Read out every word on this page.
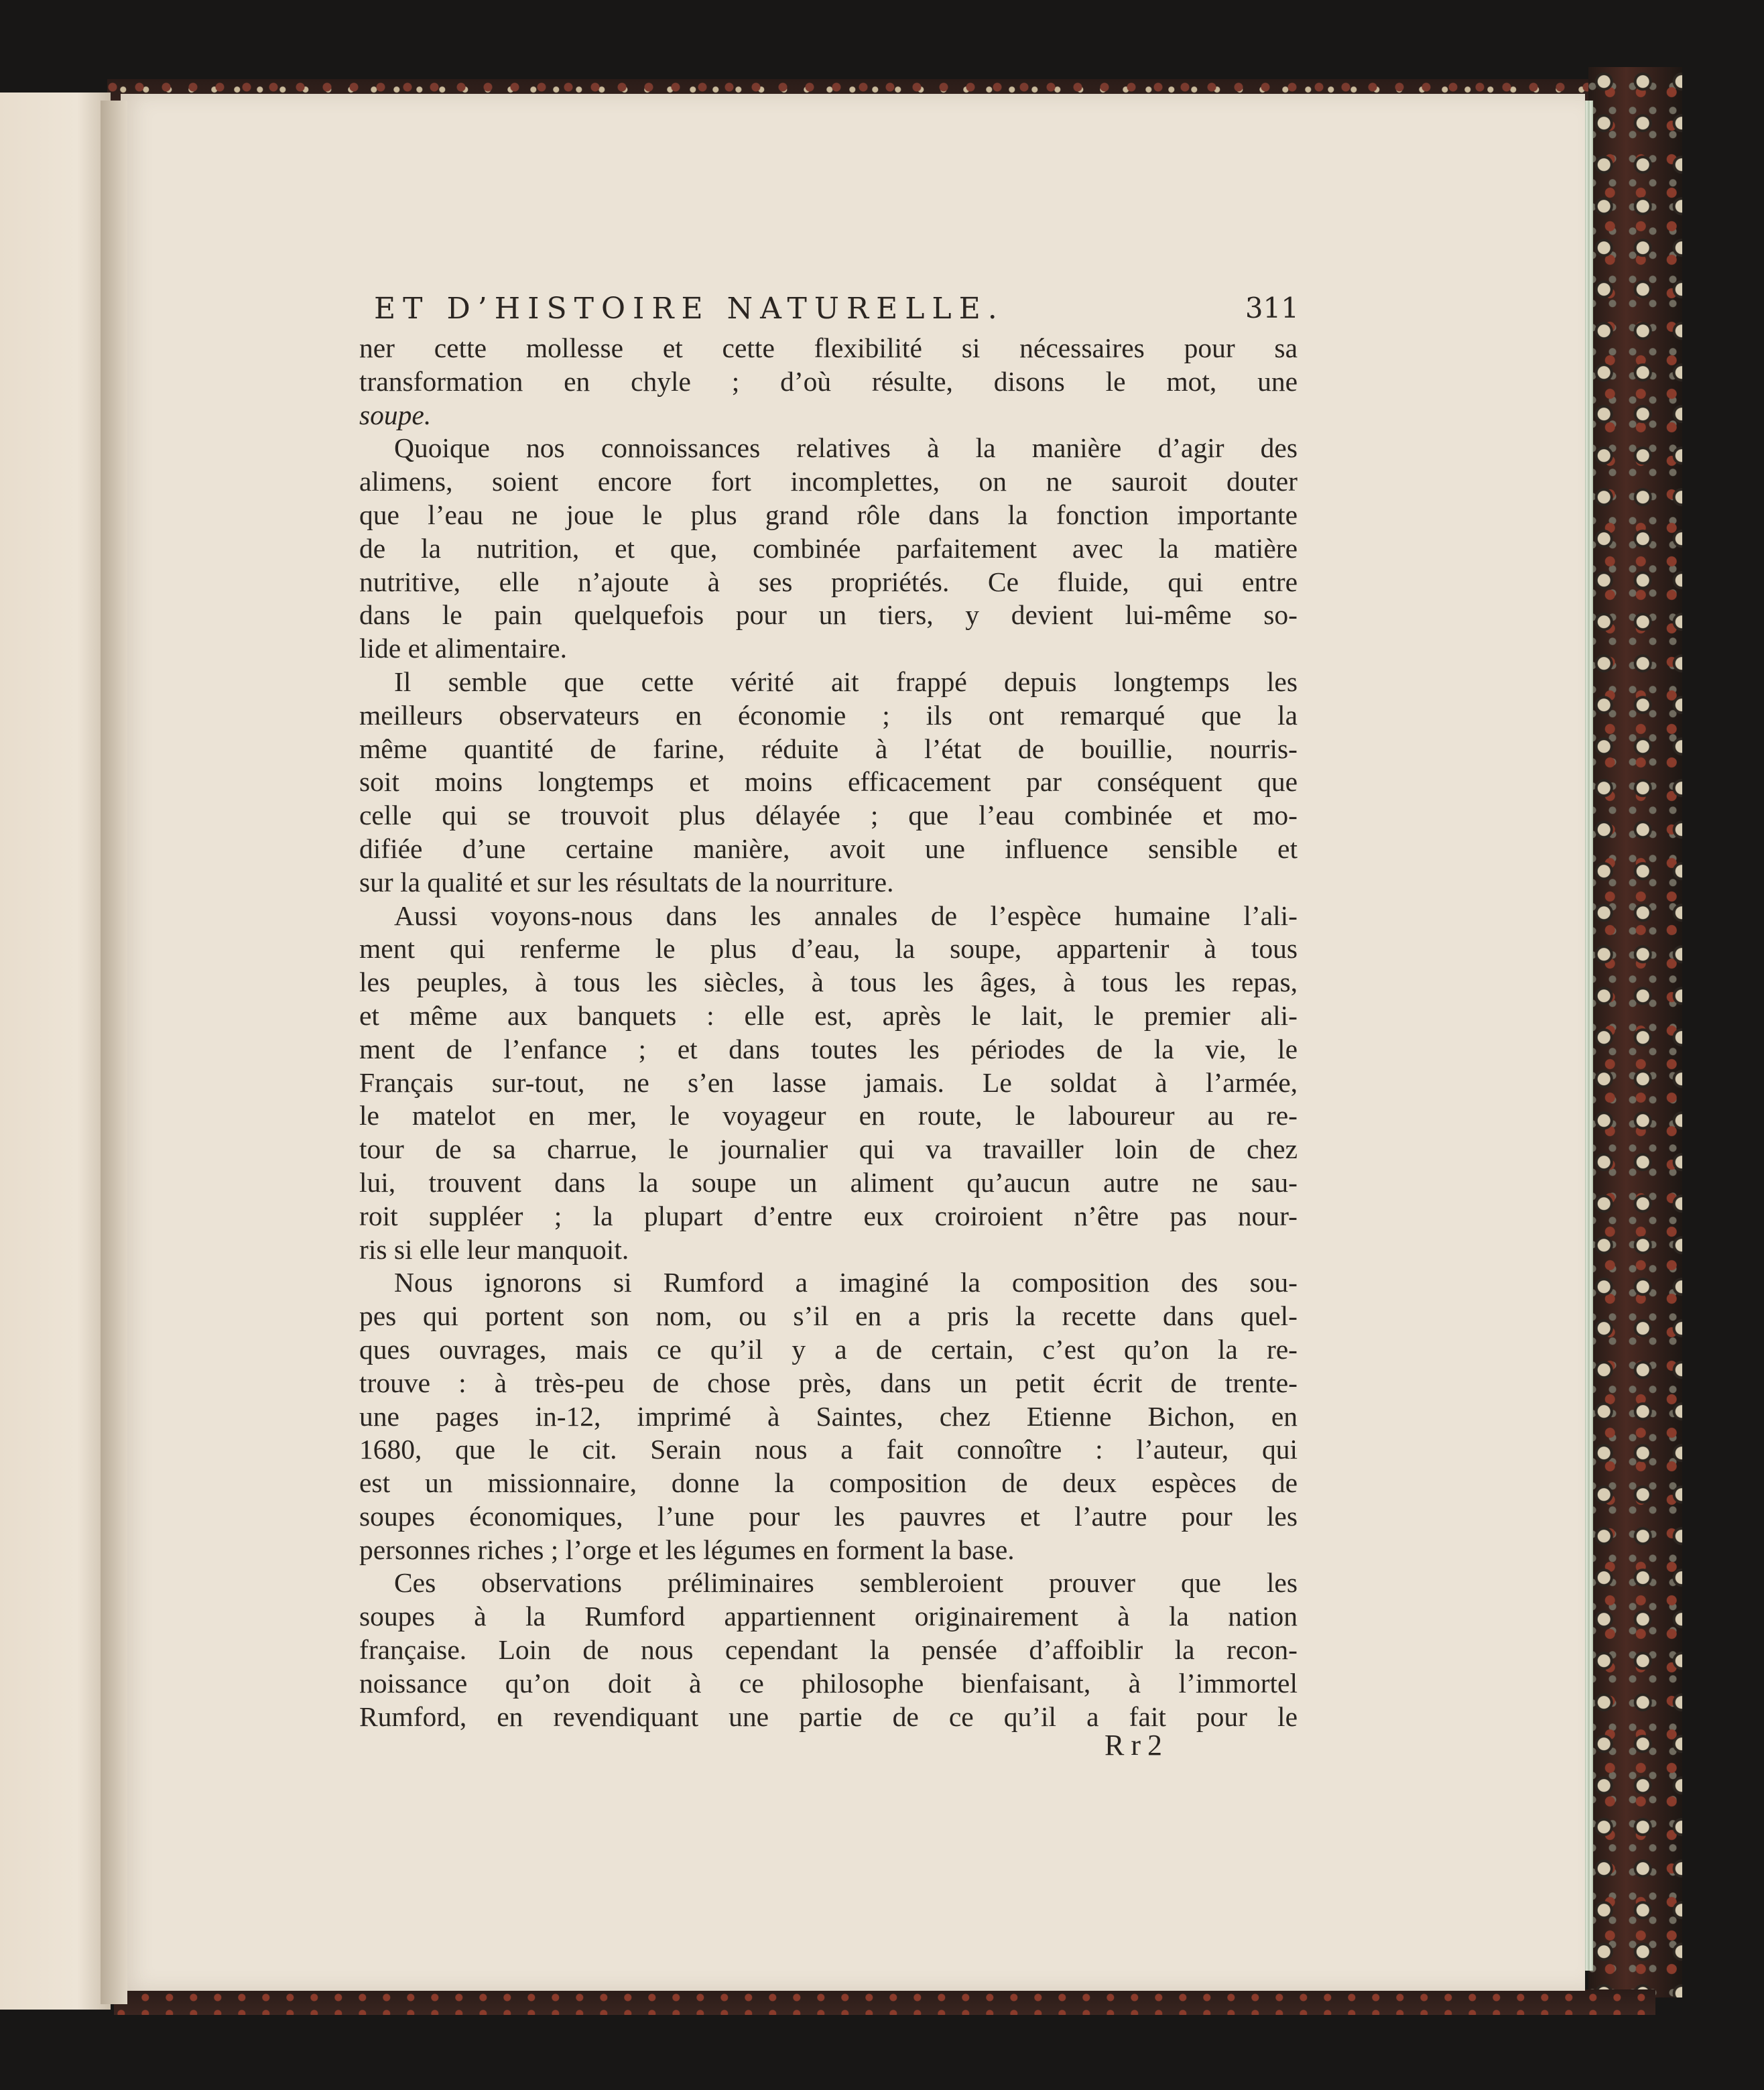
ET D’HISTOIRE NATURELLE.	311
ner cette mollesse et cette flexibilité si nécessaires pour sa
transformation en chyle ; d’où résulte, disons le mot, une
soupe.
Quoique nos connoissances relatives à la manière d’agir des
alimens, soient encore fort incomplettes, on ne sauroit douter
que l’eau ne joue le plus grand rôle dans la fonction importante
de la nutrition, et que, combinée parfaitement avec la matière
nutritive, elle n’ajoute à ses propriétés. Ce fluide, qui entre
dans le pain quelquefois pour un tiers, y devient lui-même so-
lide et alimentaire.
Il semble que cette vérité ait frappé depuis longtemps les
meilleurs observateurs en économie ; ils ont remarqué que la
même quantité de farine, réduite à l’état de bouillie, nourris-
soit moins longtemps et moins efficacement par conséquent que
celle qui se trouvoit plus délayée ; que l’eau combinée et mo-
difiée d’une certaine manière, avoit une influence sensible et
sur la qualité et sur les résultats de la nourriture.
Aussi voyons-nous dans les annales de l’espèce humaine l’ali-
ment qui renferme le plus d’eau, la soupe, appartenir à tous
les peuples, à tous les siècles, à tous les âges, à tous les repas,
et même aux banquets : elle est, après le lait, le premier ali-
ment de l’enfance ; et dans toutes les périodes de la vie, le
Français sur-tout, ne s’en lasse jamais. Le soldat à l’armée,
le matelot en mer, le voyageur en route, le laboureur au re-
tour de sa charrue, le journalier qui va travailler loin de chez
lui, trouvent dans la soupe un aliment qu’aucun autre ne sau-
roit suppléer ; la plupart d’entre eux croiroient n’être pas nour-
ris si elle leur manquoit.
Nous ignorons si Rumford a imaginé la composition des sou-
pes qui portent son nom, ou s’il en a pris la recette dans quel-
ques ouvrages, mais ce qu’il y a de certain, c’est qu’on la re-
trouve : à très-peu de chose près, dans un petit écrit de trente-
une pages in-12, imprimé à Saintes, chez Etienne Bichon, en
1680, que le cit. Serain nous a fait connoître : l’auteur, qui
est un missionnaire, donne la composition de deux espèces de
soupes économiques, l’une pour les pauvres et l’autre pour les
personnes riches ; l’orge et les légumes en forment la base.
Ces observations préliminaires sembleroient prouver que les
soupes à la Rumford appartiennent originairement à la nation
française. Loin de nous cependant la pensée d’affoiblir la recon-
noissance qu’on doit à ce philosophe bienfaisant, à l’immortel
Rumford, en revendiquant une partie de ce qu’il a fait pour le
Rr2
